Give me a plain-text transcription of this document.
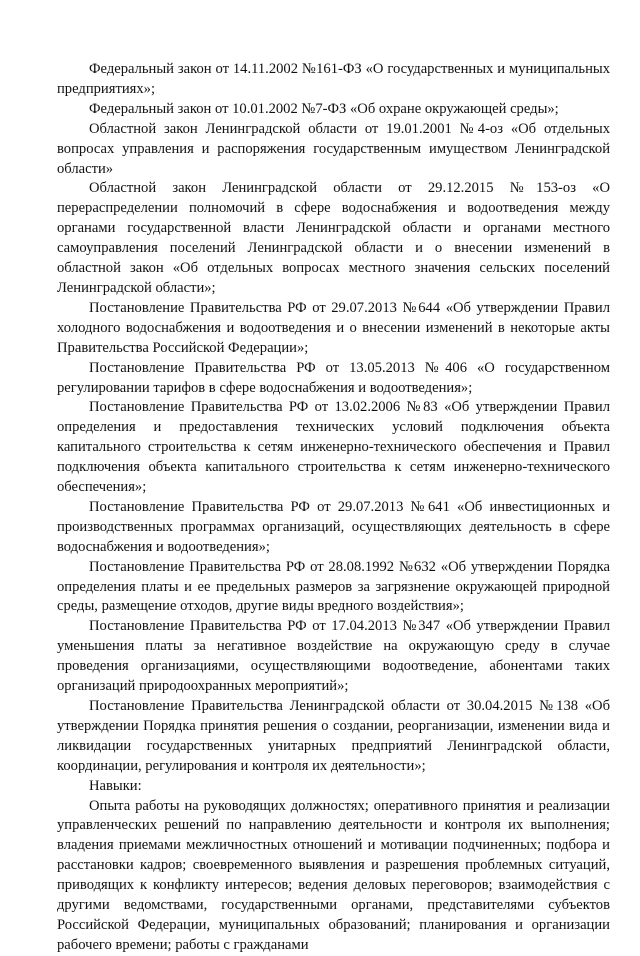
Федеральный закон от 14.11.2002 №161-ФЗ «О государственных и муниципальных предприятиях»;

Федеральный закон от 10.01.2002 №7-ФЗ «Об охране окружающей среды»;

Областной закон Ленинградской области от 19.01.2001 №4-оз «Об отдельных вопросах управления и распоряжения государственным имуществом Ленинградской области»

Областной закон Ленинградской области от 29.12.2015 №153-оз «О перераспределении полномочий в сфере водоснабжения и водоотведения между органами государственной власти Ленинградской области и органами местного самоуправления поселений Ленинградской области и о внесении изменений в областной закон «Об отдельных вопросах местного значения сельских поселений Ленинградской области»;

Постановление Правительства РФ от 29.07.2013 №644 «Об утверждении Правил холодного водоснабжения и водоотведения и о внесении изменений в некоторые акты Правительства Российской Федерации»;

Постановление Правительства РФ от 13.05.2013 №406 «О государственном регулировании тарифов в сфере водоснабжения и водоотведения»;

Постановление Правительства РФ от 13.02.2006 №83 «Об утверждении Правил определения и предоставления технических условий подключения объекта капитального строительства к сетям инженерно-технического обеспечения и Правил подключения объекта капитального строительства к сетям инженерно-технического обеспечения»;

Постановление Правительства РФ от 29.07.2013 №641 «Об инвестиционных и производственных программах организаций, осуществляющих деятельность в сфере водоснабжения и водоотведения»;

Постановление Правительства РФ от 28.08.1992 №632 «Об утверждении Порядка определения платы и ее предельных размеров за загрязнение окружающей природной среды, размещение отходов, другие виды вредного воздействия»;

Постановление Правительства РФ от 17.04.2013 №347 «Об утверждении Правил уменьшения платы за негативное воздействие на окружающую среду в случае проведения организациями, осуществляющими водоотведение, абонентами таких организаций природоохранных мероприятий»;

Постановление Правительства Ленинградской области от 30.04.2015 №138 «Об утверждении Порядка принятия решения о создании, реорганизации, изменении вида и ликвидации государственных унитарных предприятий Ленинградской области, координации, регулирования и контроля их деятельности»;

Навыки:

Опыта работы на руководящих должностях; оперативного принятия и реализации управленческих решений по направлению деятельности и контроля их выполнения; владения приемами межличностных отношений и мотивации подчиненных; подбора и расстановки кадров; своевременного выявления и разрешения проблемных ситуаций, приводящих к конфликту интересов; ведения деловых переговоров; взаимодействия с другими ведомствами, государственными органами, представителями субъектов Российской Федерации, муниципальных образований; планирования и организации рабочего времени; работы с гражданами
